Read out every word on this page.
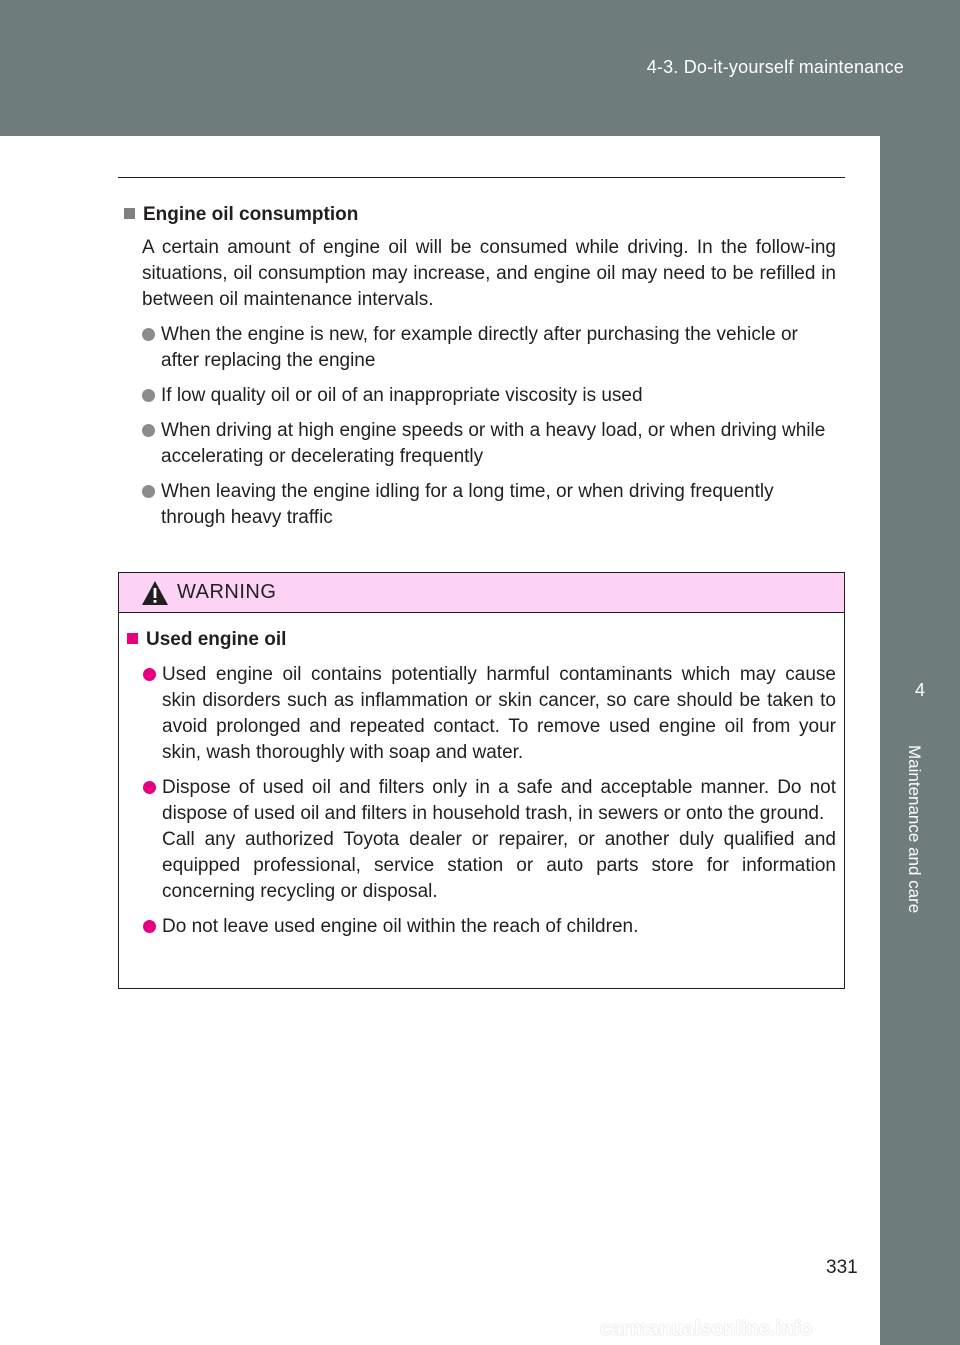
4-3. Do-it-yourself maintenance
4
Maintenance and care
Engine oil consumption
A certain amount of engine oil will be consumed while driving. In the follow-ing situations, oil consumption may increase, and engine oil may need to be refilled in between oil maintenance intervals.
When the engine is new, for example directly after purchasing the vehicle or after replacing the engine
If low quality oil or oil of an inappropriate viscosity is used
When driving at high engine speeds or with a heavy load, or when driving while accelerating or decelerating frequently
When leaving the engine idling for a long time, or when driving frequently through heavy traffic
WARNING
Used engine oil
Used engine oil contains potentially harmful contaminants which may cause skin disorders such as inflammation or skin cancer, so care should be taken to avoid prolonged and repeated contact. To remove used engine oil from your skin, wash thoroughly with soap and water.
Dispose of used oil and filters only in a safe and acceptable manner. Do not dispose of used oil and filters in household trash, in sewers or onto the ground.
Call any authorized Toyota dealer or repairer, or another duly qualified and equipped professional, service station or auto parts store for information concerning recycling or disposal.
Do not leave used engine oil within the reach of children.
331
carmanualsonline.info
